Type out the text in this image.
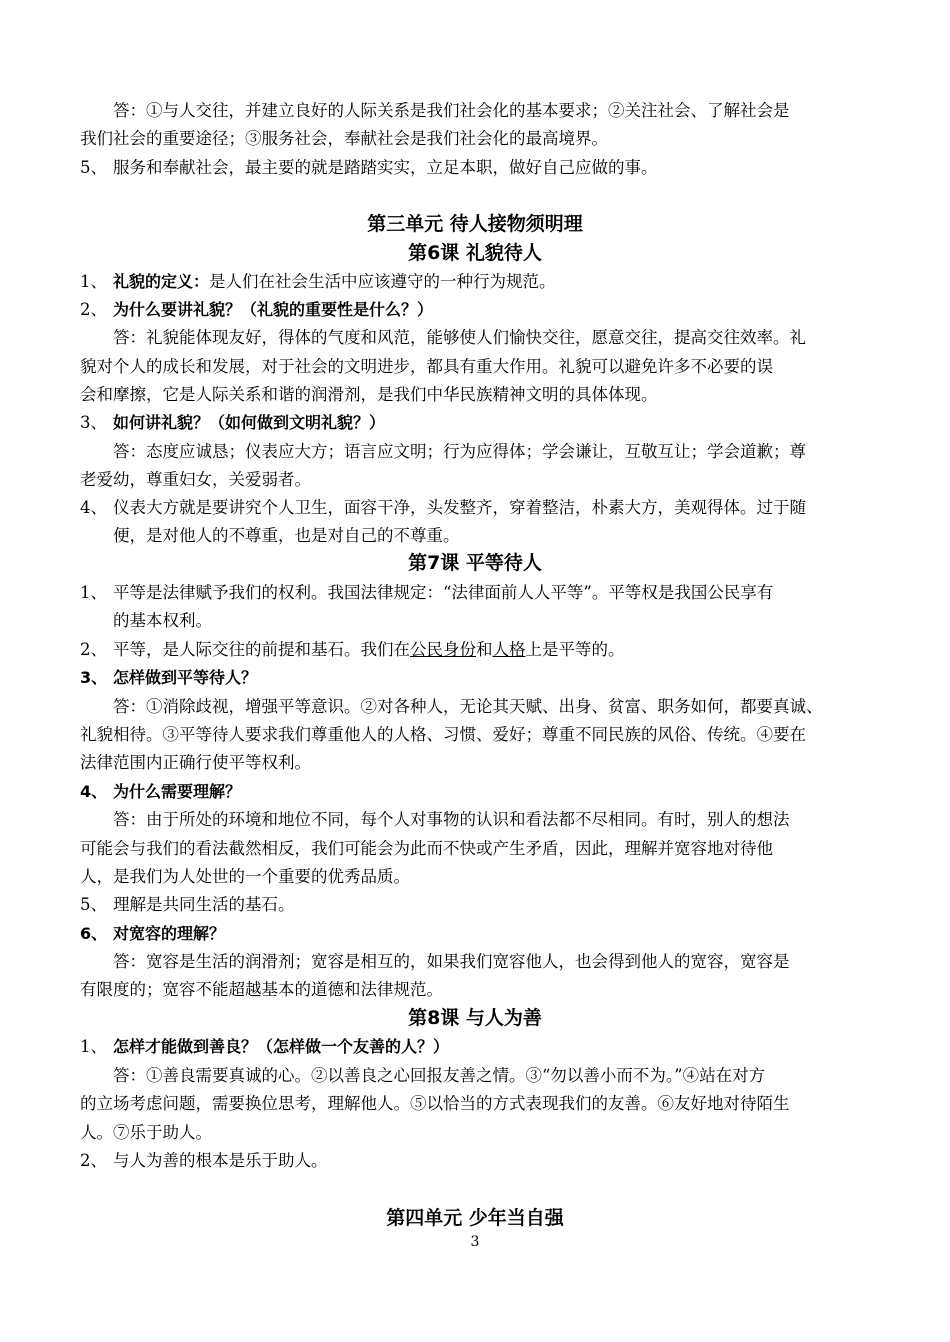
答：①与人交往，并建立良好的人际关系是我们社会化的基本要求；②关注社会、了解社会是
我们社会的重要途径；③服务社会，奉献社会是我们社会化的最高境界。
5、 服务和奉献社会，最主要的就是踏踏实实，立足本职，做好自己应做的事。
第三单元 待人接物须明理
第6课 礼貌待人
1、 礼貌的定义：是人们在社会生活中应该遵守的一种行为规范。
2、 为什么要讲礼貌？（礼貌的重要性是什么？）
答：礼貌能体现友好，得体的气度和风范，能够使人们愉快交往，愿意交往，提高交往效率。礼
貌对个人的成长和发展，对于社会的文明进步，都具有重大作用。礼貌可以避免许多不必要的误
会和摩擦，它是人际关系和谐的润滑剂，是我们中华民族精神文明的具体体现。
3、 如何讲礼貌？（如何做到文明礼貌？）
答：态度应诚恳；仪表应大方；语言应文明；行为应得体；学会谦让，互敬互让；学会道歉；尊
老爱幼，尊重妇女，关爱弱者。
4、 仪表大方就是要讲究个人卫生，面容干净，头发整齐，穿着整洁，朴素大方，美观得体。过于随
便，是对他人的不尊重，也是对自己的不尊重。
第7课 平等待人
1、 平等是法律赋予我们的权利。我国法律规定：“法律面前人人平等”。平等权是我国公民享有
的基本权利。
2、 平等，是人际交往的前提和基石。我们在公民身份和人格上是平等的。
3、 怎样做到平等待人？
答：①消除歧视，增强平等意识。②对各种人，无论其天赋、出身、贫富、职务如何，都要真诚、
礼貌相待。③平等待人要求我们尊重他人的人格、习惯、爱好；尊重不同民族的风俗、传统。④要在
法律范围内正确行使平等权利。
4、 为什么需要理解？
答：由于所处的环境和地位不同，每个人对事物的认识和看法都不尽相同。有时，别人的想法
可能会与我们的看法截然相反，我们可能会为此而不快或产生矛盾，因此，理解并宽容地对待他
人，是我们为人处世的一个重要的优秀品质。
5、 理解是共同生活的基石。
6、 对宽容的理解？
答：宽容是生活的润滑剂；宽容是相互的，如果我们宽容他人，也会得到他人的宽容，宽容是
有限度的；宽容不能超越基本的道德和法律规范。
第8课 与人为善
1、 怎样才能做到善良？（怎样做一个友善的人？）
答：①善良需要真诚的心。②以善良之心回报友善之情。③“勿以善小而不为。”④站在对方
的立场考虑问题，需要换位思考，理解他人。⑤以恰当的方式表现我们的友善。⑥友好地对待陌生
人。⑦乐于助人。
2、 与人为善的根本是乐于助人。
第四单元 少年当自强
3
